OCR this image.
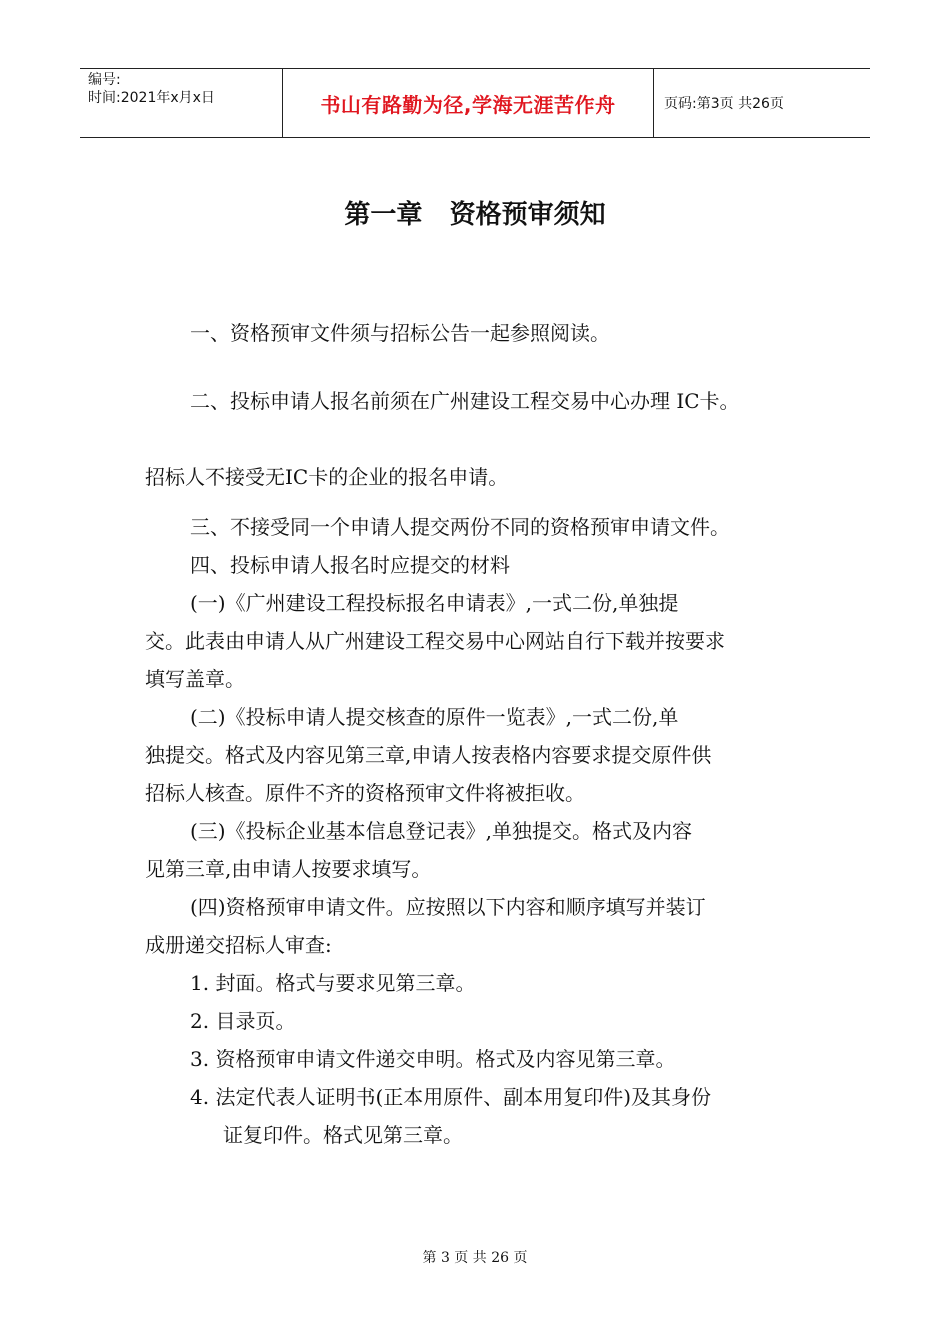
编号:
时间:2021年x月x日	书山有路勤为径,学海无涯苦作舟	页码:第3页 共26页
第一章   资格预审须知
一、资格预审文件须与招标公告一起参照阅读。
二、投标申请人报名前须在广州建设工程交易中心办理 IC卡。
招标人不接受无IC卡的企业的报名申请。
三、不接受同一个申请人提交两份不同的资格预审申请文件。
四、投标申请人报名时应提交的材料
(一)《广州建设工程投标报名申请表》,一式二份,单独提
交。此表由申请人从广州建设工程交易中心网站自行下载并按要求
填写盖章。
(二)《投标申请人提交核查的原件一览表》,一式二份,单
独提交。格式及内容见第三章,申请人按表格内容要求提交原件供
招标人核查。原件不齐的资格预审文件将被拒收。
(三)《投标企业基本信息登记表》,单独提交。格式及内容
见第三章,由申请人按要求填写。
(四)资格预审申请文件。应按照以下内容和顺序填写并装订
成册递交招标人审查:
1. 封面。格式与要求见第三章。
2. 目录页。
3. 资格预审申请文件递交申明。格式及内容见第三章。
4. 法定代表人证明书(正本用原件、副本用复印件)及其身份
证复印件。格式见第三章。
第 3 页 共 26 页
